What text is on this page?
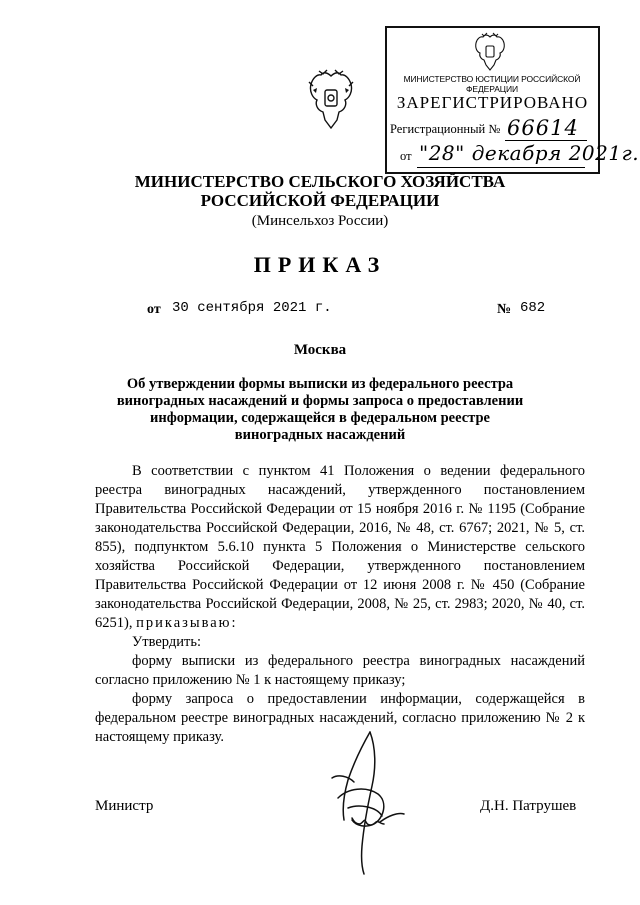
МИНИСТЕРСТВО ЮСТИЦИИ РОССИЙСКОЙ ФЕДЕРАЦИИ
ЗАРЕГИСТРИРОВАНО
Регистрационный № 66614
от "28" декабря 2021г.
МИНИСТЕРСТВО СЕЛЬСКОГО ХОЗЯЙСТВА
РОССИЙСКОЙ ФЕДЕРАЦИИ
(Минсельхоз России)
ПРИКАЗ
от 30 сентября 2021 г.	№ 682
Москва
Об утверждении формы выписки из федерального реестра
виноградных насаждений и формы запроса о предоставлении
информации, содержащейся в федеральном реестре
виноградных насаждений

В соответствии с пунктом 41 Положения о ведении федерального реестра виноградных насаждений, утвержденного постановлением Правительства Российской Федерации от 15 ноября 2016 г. № 1195 (Собрание законодательства Российской Федерации, 2016, № 48, ст. 6767; 2021, № 5, ст. 855), подпунктом 5.6.10 пункта 5 Положения о Министерстве сельского хозяйства Российской Федерации, утвержденного постановлением Правительства Российской Федерации от 12 июня 2008 г. № 450 (Собрание законодательства Российской Федерации, 2008, № 25, ст. 2983; 2020, № 40, ст. 6251), приказываю:

Утвердить:

форму выписки из федерального реестра виноградных насаждений согласно приложению № 1 к настоящему приказу;

форму запроса о предоставлении информации, содержащейся в федеральном реестре виноградных насаждений, согласно приложению № 2 к настоящему приказу.

Министр	Д.Н. Патрушев
